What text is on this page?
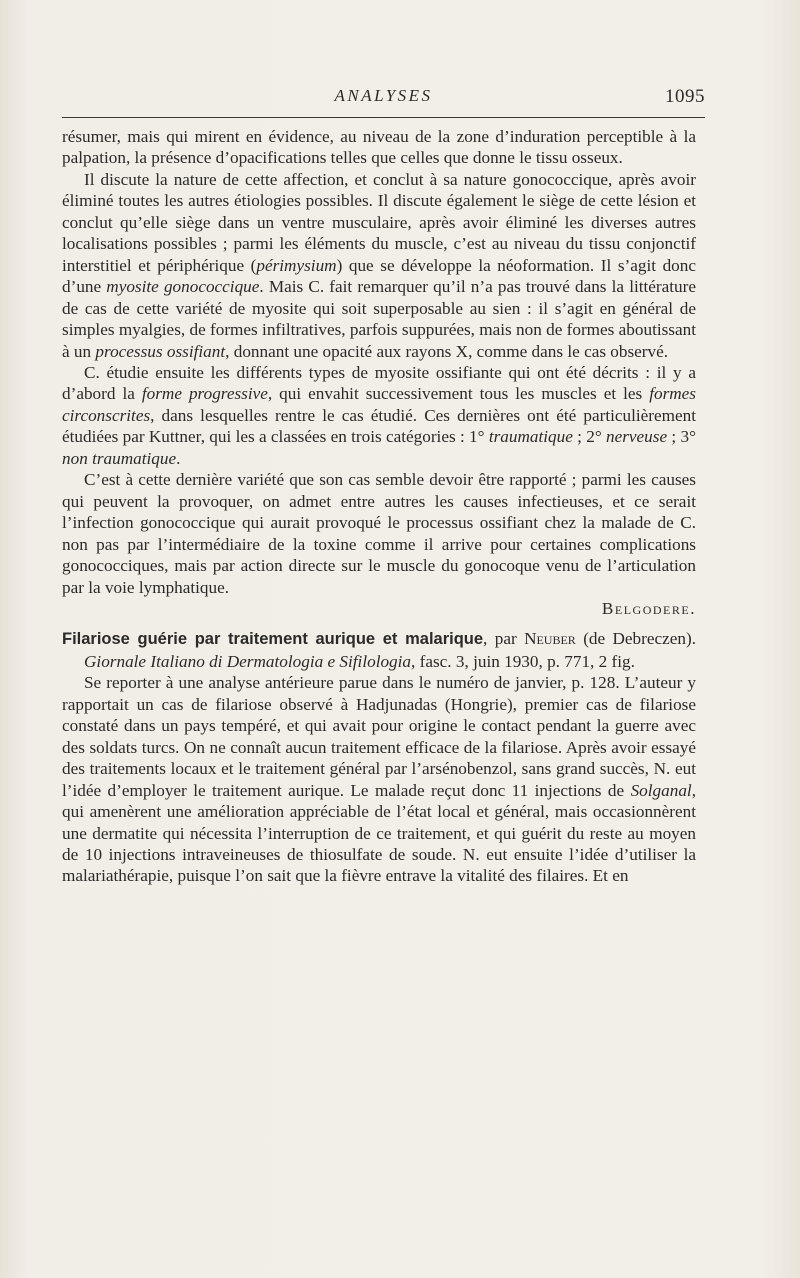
ANALYSES	1095

résumer, mais qui mirent en évidence, au niveau de la zone d’induration perceptible à la palpation, la présence d’opacifications telles que celles que donne le tissu osseux.

Il discute la nature de cette affection, et conclut à sa nature gonococcique, après avoir éliminé toutes les autres étiologies possibles. Il discute également le siège de cette lésion et conclut qu’elle siège dans un ventre musculaire, après avoir éliminé les diverses autres localisations possibles ; parmi les éléments du muscle, c’est au niveau du tissu conjonctif interstitiel et périphérique (périmysium) que se développe la néoformation. Il s’agit donc d’une myosite gonococcique. Mais C. fait remarquer qu’il n’a pas trouvé dans la littérature de cas de cette variété de myosite qui soit superposable au sien : il s’agit en général de simples myalgies, de formes infiltratives, parfois suppurées, mais non de formes aboutissant à un processus ossifiant, donnant une opacité aux rayons X, comme dans le cas observé.

C. étudie ensuite les différents types de myosite ossifiante qui ont été décrits : il y a d’abord la forme progressive, qui envahit successivement tous les muscles et les formes circonscrites, dans lesquelles rentre le cas étudié. Ces dernières ont été particulièrement étudiées par Kuttner, qui les a classées en trois catégories : 1° traumatique ; 2° nerveuse ; 3° non traumatique.

C’est à cette dernière variété que son cas semble devoir être rapporté ; parmi les causes qui peuvent la provoquer, on admet entre autres les causes infectieuses, et ce serait l’infection gonococcique qui aurait provoqué le processus ossifiant chez la malade de C. non pas par l’intermédiaire de la toxine comme il arrive pour certaines complications gonococciques, mais par action directe sur le muscle du gonocoque venu de l’articulation par la voie lymphatique.

Belgodere.

Filariose guérie par traitement aurique et malarique, par Neuber (de Debreczen). Giornale Italiano di Dermatologia e Sifilologia, fasc. 3, juin 1930, p. 771, 2 fig.

Se reporter à une analyse antérieure parue dans le numéro de janvier, p. 128. L’auteur y rapportait un cas de filariose observé à Hadjunadas (Hongrie), premier cas de filariose constaté dans un pays tempéré, et qui avait pour origine le contact pendant la guerre avec des soldats turcs. On ne connaît aucun traitement efficace de la filariose. Après avoir essayé des traitements locaux et le traitement général par l’arsénobenzol, sans grand succès, N. eut l’idée d’employer le traitement aurique. Le malade reçut donc 11 injections de Solganal, qui amenèrent une amélioration appréciable de l’état local et général, mais occasionnèrent une dermatite qui nécessita l’interruption de ce traitement, et qui guérit du reste au moyen de 10 injections intraveineuses de thiosulfate de soude. N. eut ensuite l’idée d’utiliser la malariathérapie, puisque l’on sait que la fièvre entrave la vitalité des filaires. Et en
